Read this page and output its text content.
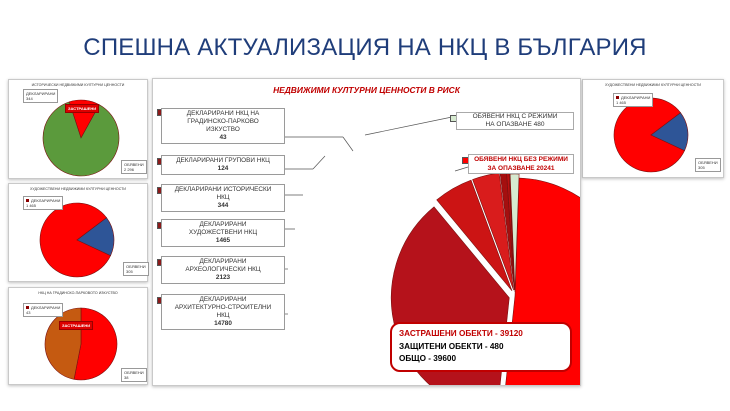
СПЕШНА АКТУАЛИЗАЦИЯ НА НКЦ В БЪЛГАРИЯ
ИСТОРИЧЕСКИ НЕДВИЖИМИ КУЛТУРНИ ЦЕННОСТИ
ДЕКЛАРИРАНИ
344
ЗАСТРАШЕНИ
ОБЯВЕНИ
2 296
ХУДОЖЕСТВЕНИ НЕДВИЖИМИ КУЛТУРНИ ЦЕННОСТИ
ДЕКЛАРИРАНИ
1 465
ОБЯВЕНИ
305
НКЦ НА ГРАДИНСКО-ПАРКОВОТО ИЗКУСТВО
ДЕКЛАРИРАНИ
43
ЗАСТРАШЕНИ
ОБЯВЕНИ
38
ХУДОЖЕСТВЕНИ НЕДВИЖИМИ КУЛТУРНИ ЦЕННОСТИ
ДЕКЛАРИРАНИ
1 465
ОБЯВЕНИ
305
НЕДВИЖИМИ КУЛТУРНИ ЦЕННОСТИ В РИСК
ДЕКЛАРИРАНИ НКЦ НА
ГРАДИНСКО-ПАРКОВО
ИЗКУСТВО
43
ДЕКЛАРИРАНИ ГРУПОВИ НКЦ
124
ДЕКЛАРИРАНИ ИСТОРИЧЕСКИ
НКЦ
344
ДЕКЛАРИРАНИ
ХУДОЖЕСТВЕНИ НКЦ
1465
ДЕКЛАРИРАНИ
АРХЕОЛОГИЧЕСКИ НКЦ
2123
ДЕКЛАРИРАНИ
АРХИТЕКТУРНО-СТРОИТЕЛНИ
НКЦ
14780
ОБЯВЕНИ НКЦ С РЕЖИМИ
НА ОПАЗВАНЕ 480
ОБЯВЕНИ НКЦ БЕЗ РЕЖИМИ
ЗА ОПАЗВАНЕ 20241
ЗАСТРАШЕНИ ОБЕКТИ - 39120
ЗАЩИТЕНИ ОБЕКТИ - 480
ОБЩО - 39600
